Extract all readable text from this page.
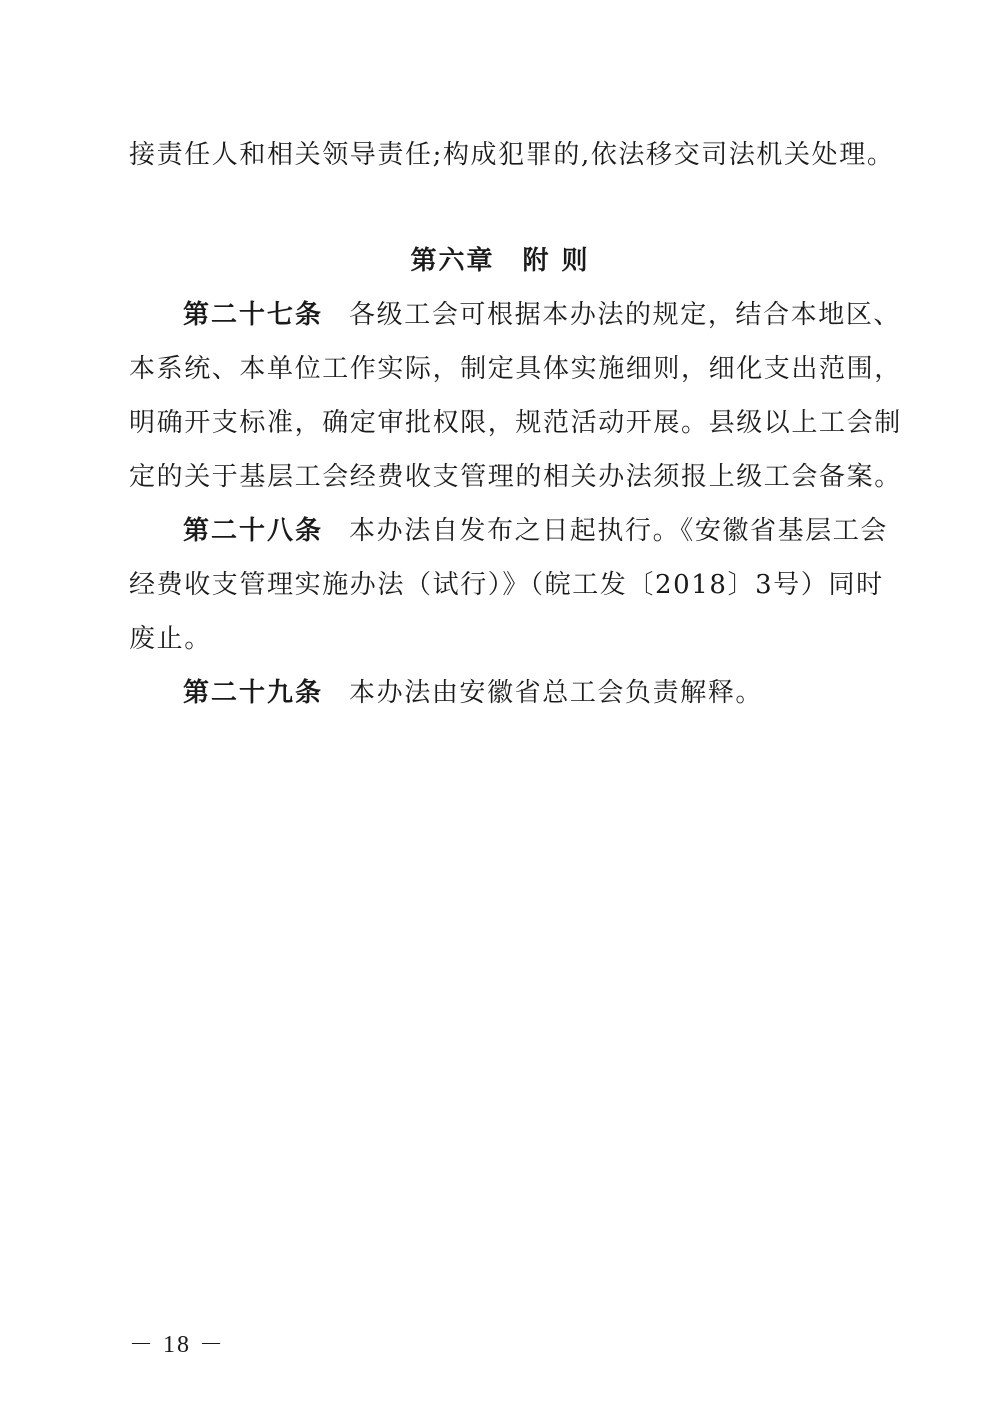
接责任人和相关领导责任;构成犯罪的,依法移交司法机关处理。
第六章　附 则
第二十七条 各级工会可根据本办法的规定，结合本地区、
本系统、本单位工作实际，制定具体实施细则，细化支出范围，
明确开支标准，确定审批权限，规范活动开展。县级以上工会制
定的关于基层工会经费收支管理的相关办法须报上级工会备案。
第二十八条 本办法自发布之日起执行。《安徽省基层工会
经费收支管理实施办法（试行）》（皖工发〔2018〕3号）同时
废止。
第二十九条 本办法由安徽省总工会负责解释。
－ 18 －
